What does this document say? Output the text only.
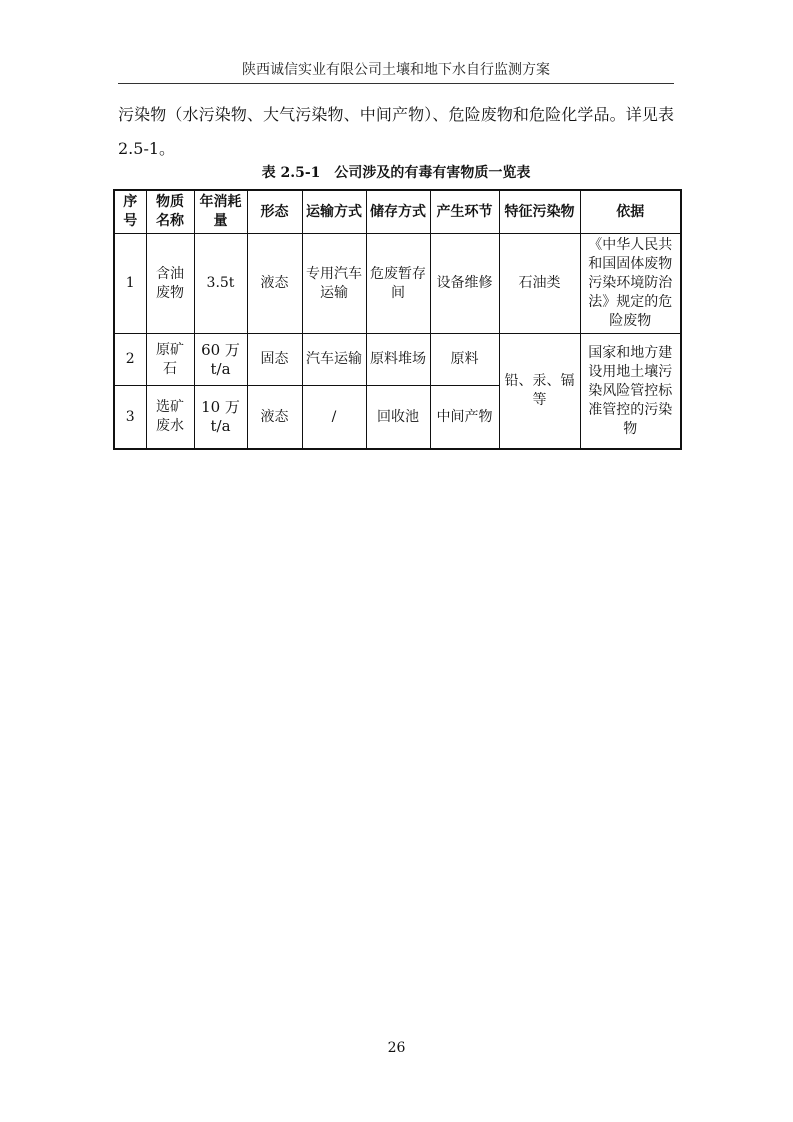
陕西诚信实业有限公司土壤和地下水自行监测方案
污染物（水污染物、大气污染物、中间产物）、危险废物和危险化学品。详见表2.5-1。
表 2.5-1 公司涉及的有毒有害物质一览表
序号	物质名称	年消耗量	形态	运输方式	储存方式	产生环节	特征污染物	依据
1	含油废物	3.5t	液态	专用汽车运输	危废暂存间	设备维修	石油类	《中华人民共和国固体废物污染环境防治法》规定的危险废物
2	原矿石	60 万 t/a	固态	汽车运输	原料堆场	原料	铅、汞、镉等	国家和地方建设用地土壤污染风险管控标准管控的污染物
3	选矿废水	10 万 t/a	液态	/	回收池	中间产物		
26
